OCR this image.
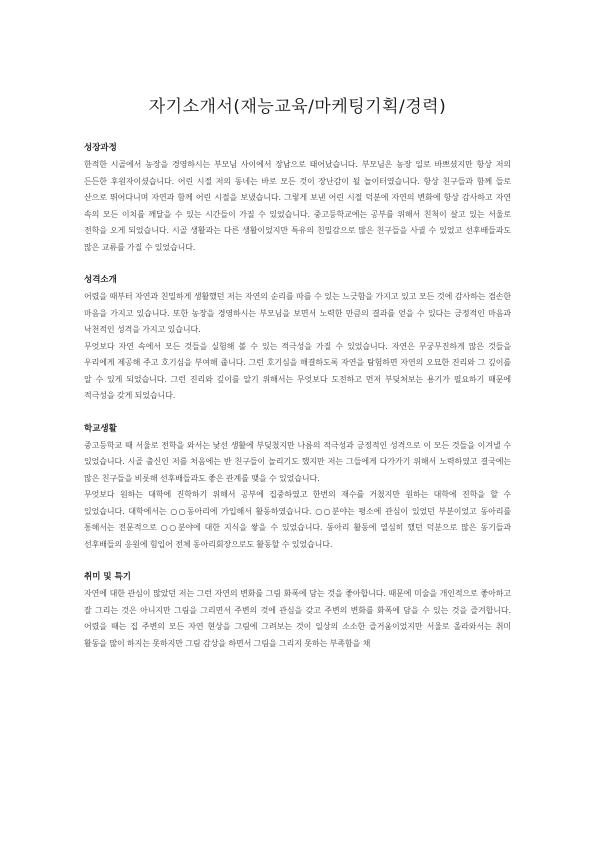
자기소개서(재능교육/마케팅기획/경력)
성장과정

한적한 시골에서 농장을 경영하시는 부모님 사이에서 장남으로 태어났습니다. 부모님은 농장 일로 바쁘셨지만 항상 저의 든든한 후원자이셨습니다. 어린 시절 저의 동네는 바로 모든 것이 장난감이 될 놀이터였습니다. 항상 친구들과 함께 들로 산으로 뛰어다니며 자연과 함께 어린 시절을 보냈습니다. 그렇게 보낸 어린 시절 덕분에 자연의 변화에 항상 감사하고 자연 속의 모든 이치를 깨달을 수 있는 시간들이 가질 수 있었습니다. 중고등학교에는 공부를 위해서 친척이 살고 있는 서울로 전학을 오게 되었습니다. 시골 생활과는 다른 생활이었지만 특유의 친밀감으로 많은 친구들을 사귈 수 있었고 선후배들과도 많은 교류를 가질 수 있었습니다.

성격소개

어렸을 때부터 자연과 친밀하게 생활했던 저는 자연의 순리를 따를 수 있는 느긋함을 가지고 있고 모든 것에 감사하는 겸손한 마음을 가지고 있습니다. 또한 농장을 경영하시는 부모님을 보면서 노력한 만큼의 결과를 얻을 수 있다는 긍정적인 마음과 낙천적인 성격을 가지고 있습니다.

무엇보다 자연 속에서 모든 것들을 실험해 볼 수 있는 적극성을 가질 수 있었습니다. 자연은 무궁무진하게 많은 것들을 우리에게 제공해 주고 호기심을 부여해 줍니다. 그런 호기심을 해결하도록 자연을 탐험하면 자연의 오묘한 진리와 그 깊이를 알 수 있게 되었습니다. 그런 진리와 깊이를 알기 위해서는 무엇보다 도전하고 먼저 부딪쳐보는 용기가 필요하기 때문에 적극성을 갖게 되었습니다.

학교생활

중고등학교 때 서울로 전학을 와서는 낯선 생활에 부딪쳤지만 나름의 적극성과 긍정적인 성격으로 이 모든 것들을 이겨낼 수 있었습니다. 시골 출신인 저를 처음에는 반 친구들이 놀리기도 했지만 저는 그들에게 다가가기 위해서 노력하였고 결국에는 많은 친구들을 비롯해 선후배들과도 좋은 관계를 맺을 수 있었습니다.

무엇보다 원하는 대학에 진학하기 위해서 공부에 집중하였고 한번의 재수를 거쳤지만 원하는 대학에 진학을 할 수 있었습니다. 대학에서는 ○○동아리에 가입해서 활동하였습니다. ○○분야는 평소에 관심이 있었던 부분이었고 동아리를 통해서는 전문적으로 ○○분야에 대한 지식을 쌓을 수 있었습니다. 동아리 활동에 열심히 했던 덕분으로 많은 동기들과 선후배들의 응원에 힘입어 전체 동아리회장으로도 활동할 수 있었습니다.

취미 및 특기

자연에 대한 관심이 많았던 저는 그런 자연의 변화를 그림 화폭에 담는 것을 좋아합니다. 때문에 미술을 개인적으로 좋아하고 잘 그리는 것은 아니지만 그림을 그리면서 주변의 것에 관심을 갖고 주변의 변화를 화폭에 담을 수 있는 것을 즐겨합니다. 어렸을 때는 집 주변의 모든 자연 현상을 그림에 그려보는 것이 일상의 소소한 즐거움이었지만 서울로 올라와서는 취미 활동을 많이 하지는 못하지만 그림 감상을 하면서 그림을 그리지 못하는 부족함을 채
